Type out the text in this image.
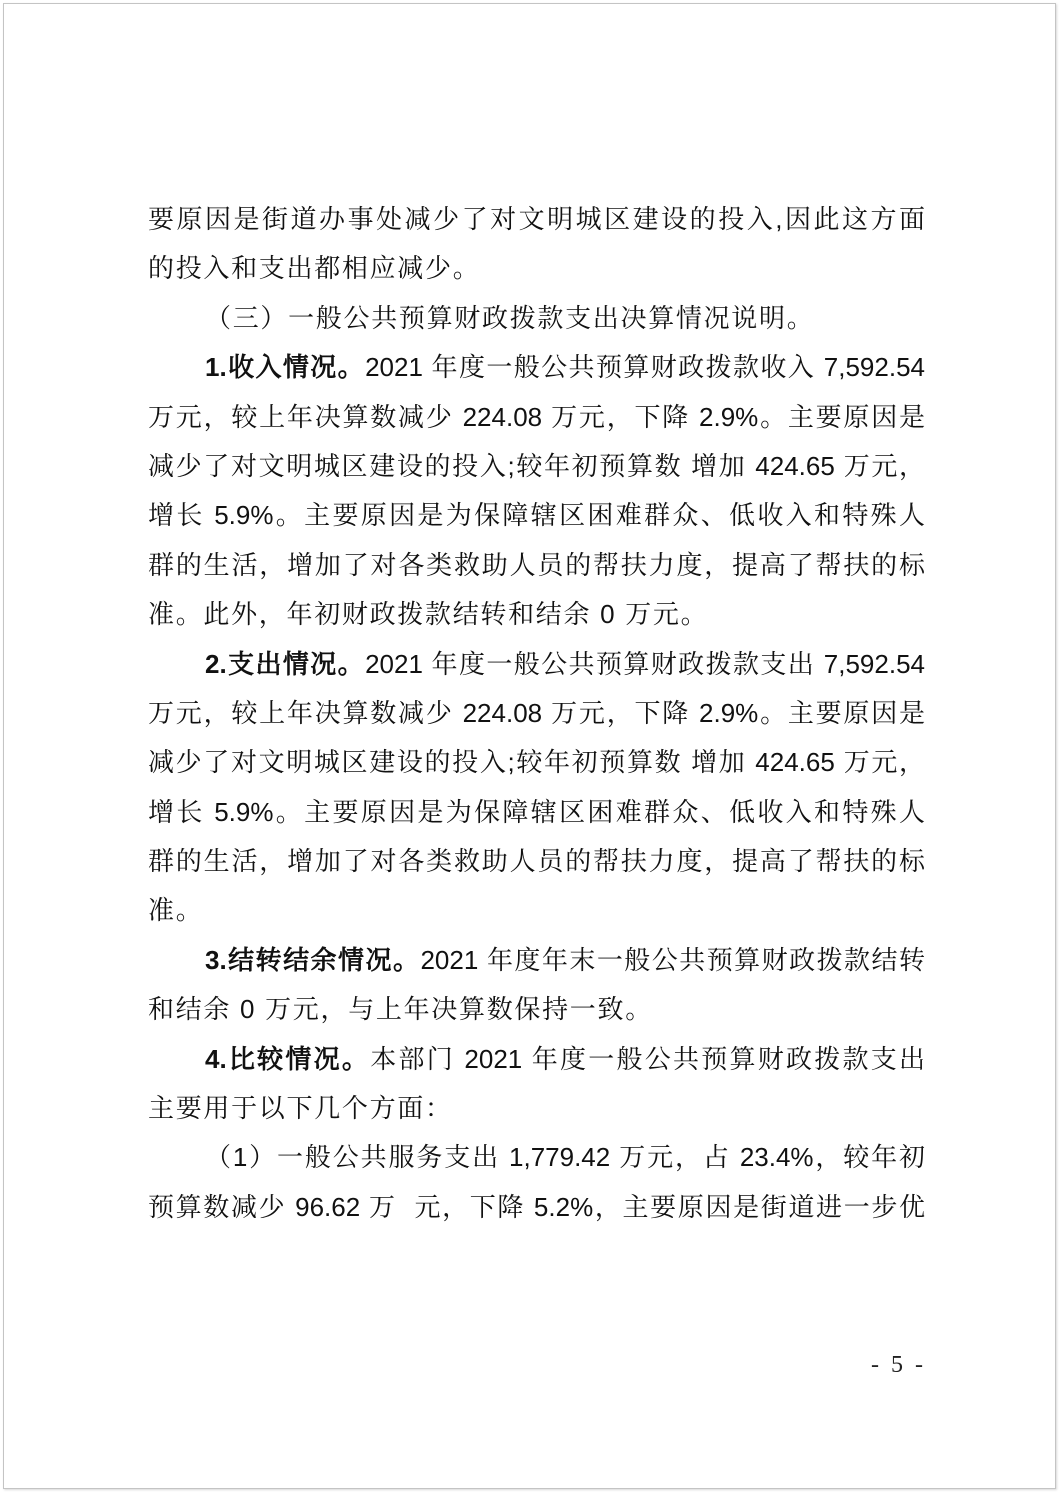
要原因是街道办事处减少了对文明城区建设的投入,因此这方面
的投入和支出都相应减少。
（三）一般公共预算财政拨款支出决算情况说明。
1.收入情况。2021 年度一般公共预算财政拨款收入 7,592.54
万元，较上年决算数减少 224.08 万元，下降 2.9%。主要原因是
减少了对文明城区建设的投入;较年初预算数 增加 424.65 万元，
增长 5.9%。主要原因是为保障辖区困难群众、低收入和特殊人
群的生活，增加了对各类救助人员的帮扶力度，提高了帮扶的标
准。此外，年初财政拨款结转和结余 0 万元。
2.支出情况。2021 年度一般公共预算财政拨款支出 7,592.54
万元，较上年决算数减少 224.08 万元，下降 2.9%。主要原因是
减少了对文明城区建设的投入;较年初预算数 增加 424.65 万元，
增长 5.9%。主要原因是为保障辖区困难群众、低收入和特殊人
群的生活，增加了对各类救助人员的帮扶力度，提高了帮扶的标
准。
3.结转结余情况。2021 年度年末一般公共预算财政拨款结转
和结余 0 万元，与上年决算数保持一致。
4.比较情况。本部门 2021 年度一般公共预算财政拨款支出
主要用于以下几个方面：
（1）一般公共服务支出 1,779.42 万元，占 23.4%，较年初
预算数减少 96.62 万  元，下降 5.2%，主要原因是街道进一步优
- 5 -
